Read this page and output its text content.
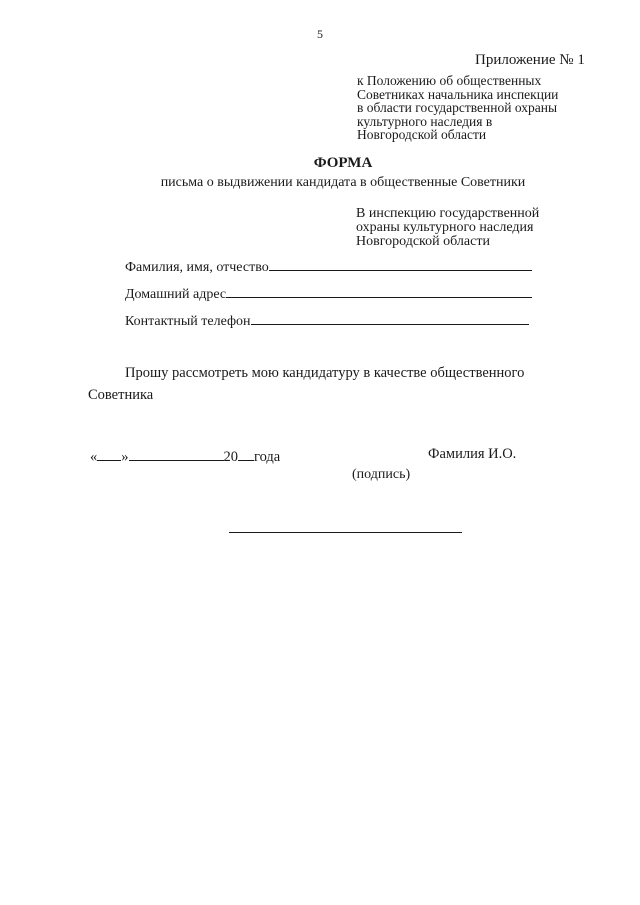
5
Приложение № 1
к Положению об общественных
Советниках начальника инспекции
в области государственной охраны
культурного наследия в
Новгородской области
ФОРМА
письма о выдвижении кандидата в общественные Советники
В инспекцию государственной
охраны культурного наследия
Новгородской области
Фамилия, имя, отчество
Домашний адрес
Контактный телефон
Прошу рассмотреть мою кандидатуру в качестве общественного Советника
« »	20 года	Фамилия И.О.
(подпись)
